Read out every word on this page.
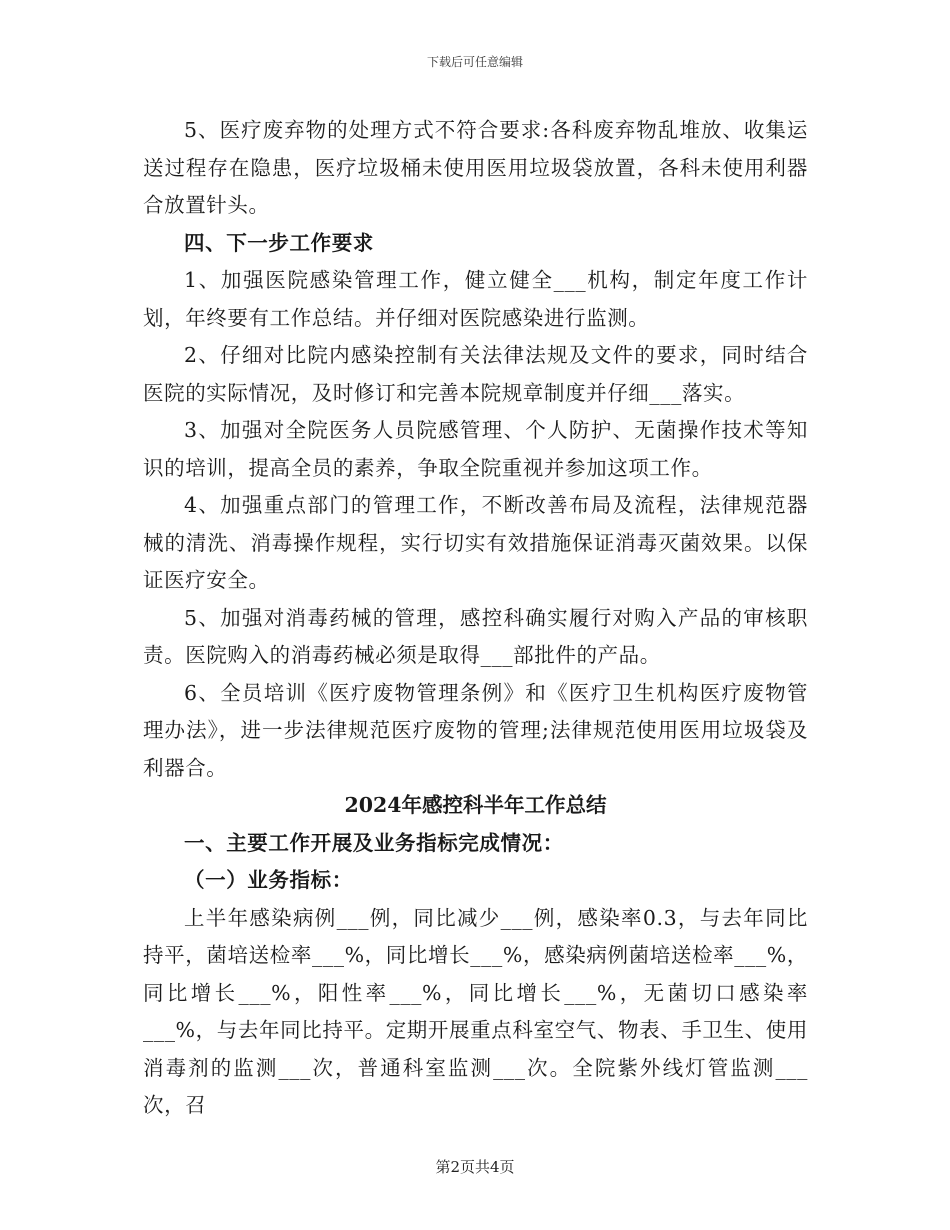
下载后可任意编辑

5、医疗废弃物的处理方式不符合要求:各科废弃物乱堆放、收集运送过程存在隐患，医疗垃圾桶未使用医用垃圾袋放置，各科未使用利器合放置针头。

四、下一步工作要求

1、加强医院感染管理工作，健立健全___机构，制定年度工作计划，年终要有工作总结。并仔细对医院感染进行监测。

2、仔细对比院内感染控制有关法律法规及文件的要求，同时结合医院的实际情况，及时修订和完善本院规章制度并仔细___落实。

3、加强对全院医务人员院感管理、个人防护、无菌操作技术等知识的培训，提高全员的素养，争取全院重视并参加这项工作。

4、加强重点部门的管理工作，不断改善布局及流程，法律规范器械的清洗、消毒操作规程，实行切实有效措施保证消毒灭菌效果。以保证医疗安全。

5、加强对消毒药械的管理，感控科确实履行对购入产品的审核职责。医院购入的消毒药械必须是取得___部批件的产品。

6、全员培训《医疗废物管理条例》和《医疗卫生机构医疗废物管理办法》，进一步法律规范医疗废物的管理;法律规范使用医用垃圾袋及利器合。

2024年感控科半年工作总结

一、主要工作开展及业务指标完成情况：

（一）业务指标：

上半年感染病例___例，同比减少___例，感染率0.3，与去年同比持平，菌培送检率___%，同比增长___%，感染病例菌培送检率___%，同比增长___%，阳性率___%，同比增长___%，无菌切口感染率___%，与去年同比持平。定期开展重点科室空气、物表、手卫生、使用消毒剂的监测___次，普通科室监测___次。全院紫外线灯管监测___次，召

第2页共4页
